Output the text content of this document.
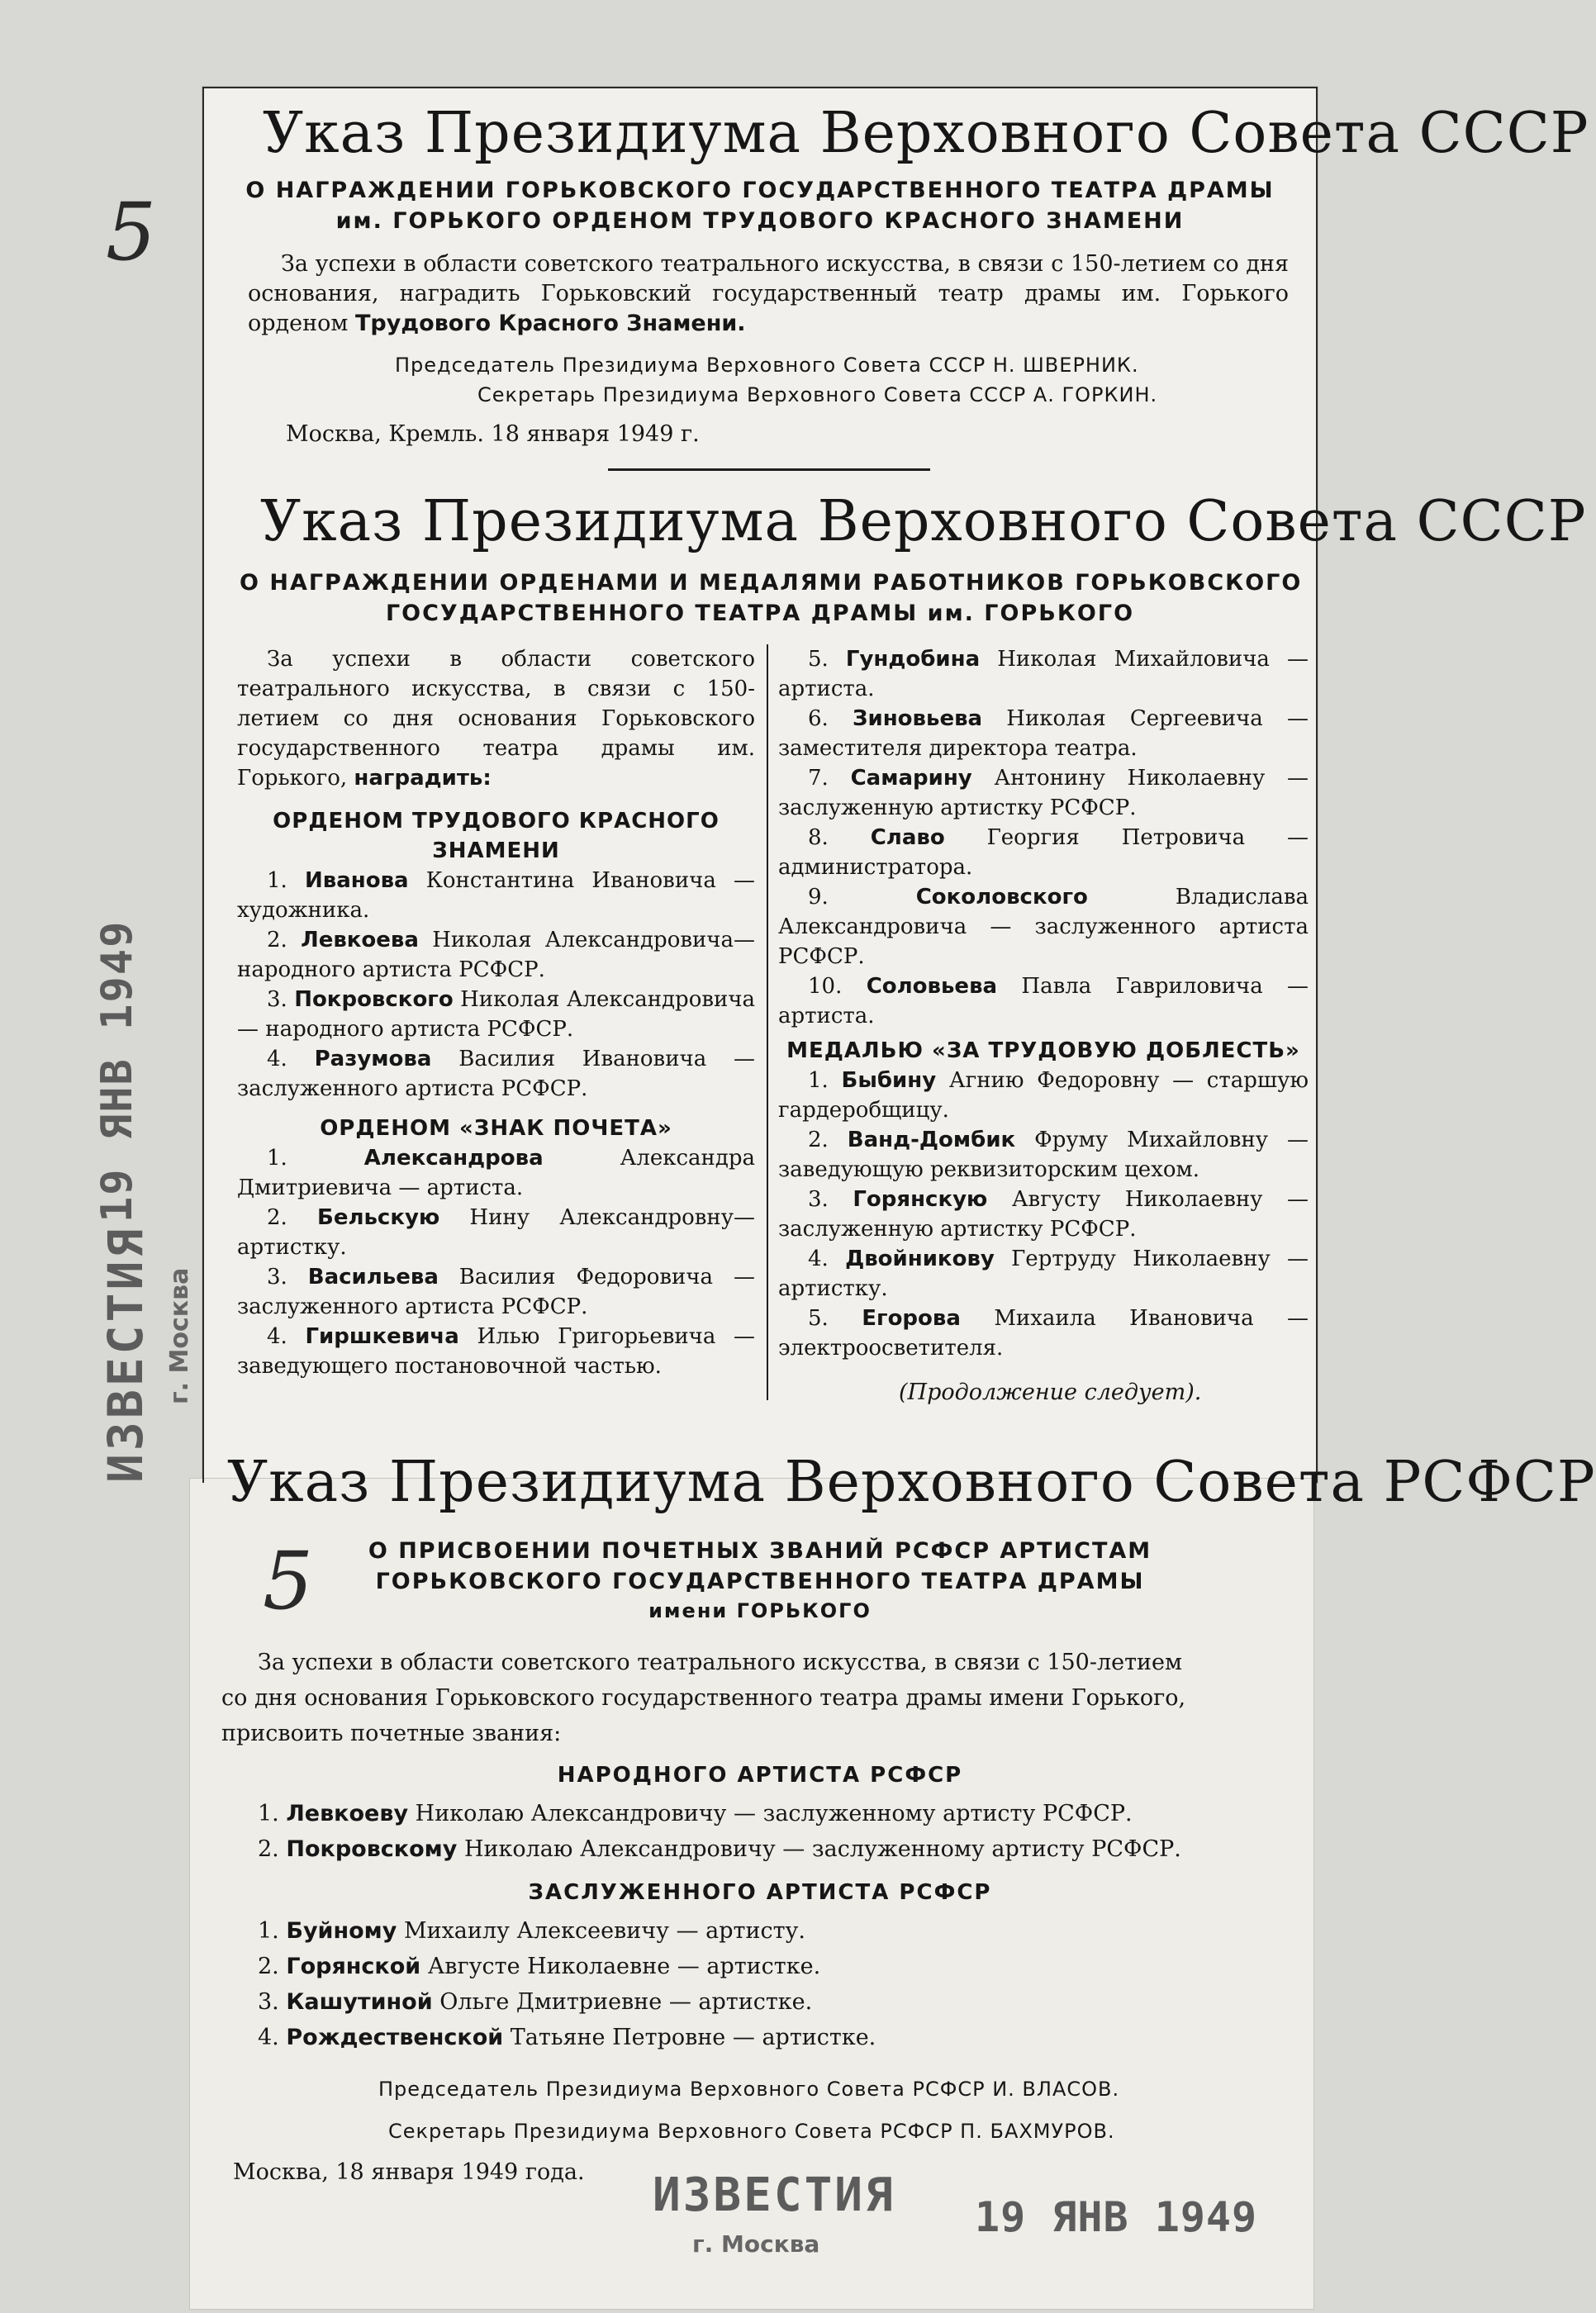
5
5
Указ Президиума Верховного Совета СССР
О НАГРАЖДЕНИИ ГОРЬКОВСКОГО ГОСУДАРСТВЕННОГО ТЕАТРА ДРАМЫ
им. ГОРЬКОГО ОРДЕНОМ ТРУДОВОГО КРАСНОГО ЗНАМЕНИ
За успехи в области советского театрального искусства, в связи с 150-летием со дня основания, наградить Горьковский государственный театр драмы им. Горького орденом Трудового Красного Знамени.
Председатель Президиума Верховного Совета СССР Н. ШВЕРНИК.
Секретарь Президиума Верховного Совета СССР А. ГОРКИН.
Москва, Кремль. 18 января 1949 г.
Указ Президиума Верховного Совета СССР
О НАГРАЖДЕНИИ ОРДЕНАМИ И МЕДАЛЯМИ РАБОТНИКОВ ГОРЬКОВСКОГО
ГОСУДАРСТВЕННОГО ТЕАТРА ДРАМЫ им. ГОРЬКОГО

За успехи в области советского театрального искусства, в связи с 150-летием со дня основания Горьковского государственного театра драмы им. Горького, наградить:

ОРДЕНОМ ТРУДОВОГО КРАСНОГО ЗНАМЕНИ

1. Иванова Константина Ивановича — художника.

2. Левкоева Николая Александровича— народного артиста РСФСР.

3. Покровского Николая Александровича — народного артиста РСФСР.

4. Разумова Василия Ивановича — заслуженного артиста РСФСР.

ОРДЕНОМ «ЗНАК ПОЧЕТА»

1.	Александрова	Александра Дмитриевича — артиста.

2. Бельскую Нину Александровну—артистку.

3. Васильева Василия Федоровича — заслуженного артиста РСФСР.

4. Гиршкевича Илью Григорьевича — заведующего постановочной частью.

5. Гундобина Николая Михайловича — артиста.

6. Зиновьева Николая Сергеевича — заместителя директора театра.

7. Самарину Антонину Николаевну — заслуженную артистку РСФСР.

8. Славо Георгия Петровича — администратора.

9.	Соколовского	Владислава Александровича — заслуженного артиста РСФСР.

10. Соловьева Павла Гавриловича — артиста.

МЕДАЛЬЮ «ЗА ТРУДОВУЮ ДОБЛЕСТЬ»

1. Быбину Агнию Федоровну — старшую гардеробщицу.

2. Ванд-Домбик Фруму Михайловну — заведующую реквизиторским цехом.

3. Горянскую Августу Николаевну — заслуженную артистку РСФСР.

4. Двойникову Гертруду Николаевну — артистку.

5. Егорова Михаила Ивановича — электроосветителя.

(Продолжение следует).
ИЗВЕСТИЯ
19 ЯНВ 1949
г. Москва
Указ Президиума Верховного Совета РСФСР
О ПРИСВОЕНИИ ПОЧЕТНЫХ ЗВАНИЙ РСФСР АРТИСТАМ
ГОРЬКОВСКОГО ГОСУДАРСТВЕННОГО ТЕАТРА ДРАМЫ
имени ГОРЬКОГО
За успехи в области советского театрального искусства, в связи с 150-летием
со дня основания Горьковского государственного театра драмы имени Горького,
присвоить почетные звания:
НАРОДНОГО АРТИСТА РСФСР
1. Левкоеву Николаю Александровичу — заслуженному артисту РСФСР.
2. Покровскому Николаю Александровичу — заслуженному артисту РСФСР.
ЗАСЛУЖЕННОГО АРТИСТА РСФСР
1. Буйному Михаилу Алексеевичу — артисту.
2. Горянской Августе Николаевне — артистке.
3. Кашутиной Ольге Дмитриевне — артистке.
4. Рождественской Татьяне Петровне — артистке.
Председатель Президиума Верховного Совета РСФСР И. ВЛАСОВ.
Секретарь Президиума Верховного Совета РСФСР П. БАХМУРОВ.
Москва, 18 января 1949 года. ИЗВЕСТИЯ
г. Москва
19 ЯНВ 1949
